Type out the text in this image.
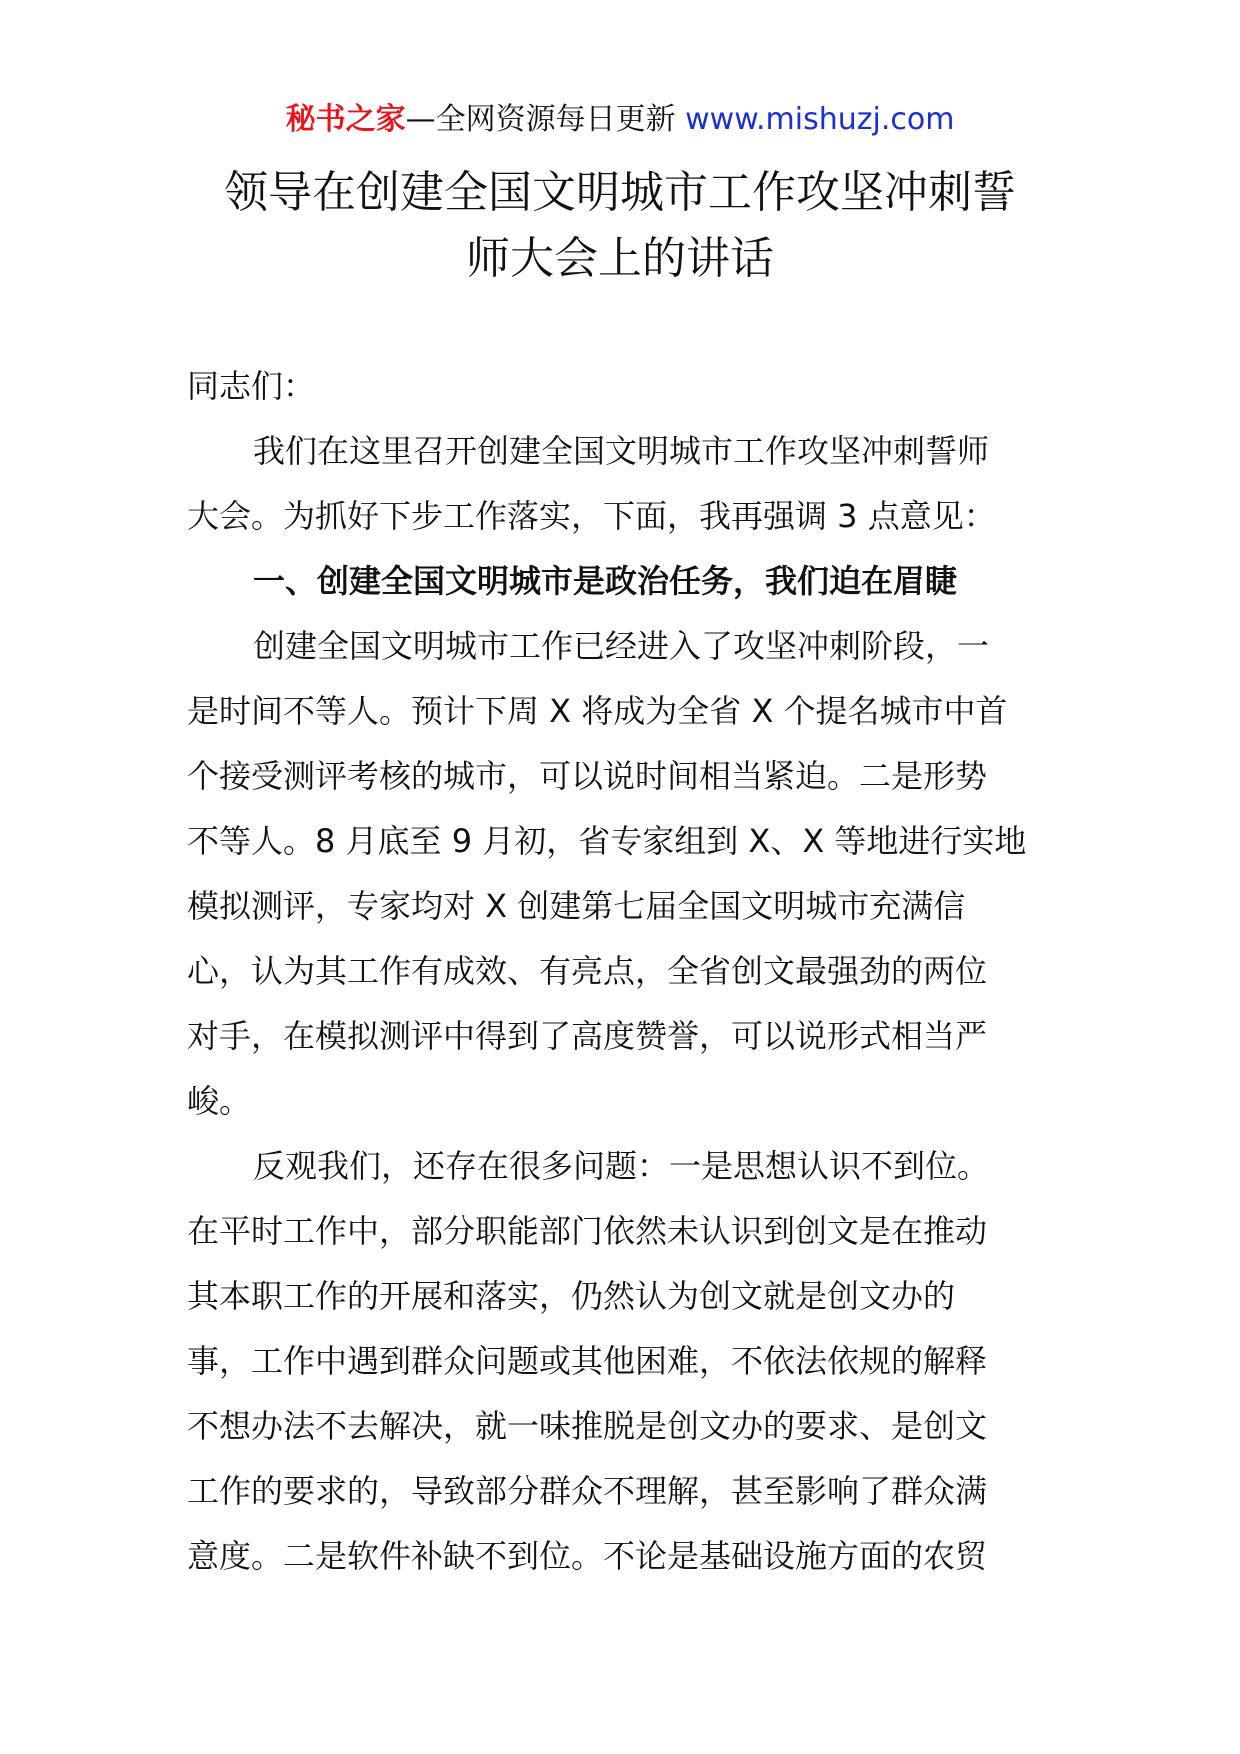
秘书之家—全网资源每日更新 www.mishuzj.com
领导在创建全国文明城市工作攻坚冲刺誓
师大会上的讲话
同志们：
我们在这里召开创建全国文明城市工作攻坚冲刺誓师
大会。为抓好下步工作落实，下面，我再强调 3 点意见：
一、创建全国文明城市是政治任务，我们迫在眉睫
创建全国文明城市工作已经进入了攻坚冲刺阶段，一
是时间不等人。预计下周 X 将成为全省 X 个提名城市中首
个接受测评考核的城市，可以说时间相当紧迫。二是形势
不等人。8 月底至 9 月初，省专家组到 X、X 等地进行实地
模拟测评，专家均对 X 创建第七届全国文明城市充满信
心，认为其工作有成效、有亮点，全省创文最强劲的两位
对手，在模拟测评中得到了高度赞誉，可以说形式相当严
峻。
反观我们，还存在很多问题：一是思想认识不到位。
在平时工作中，部分职能部门依然未认识到创文是在推动
其本职工作的开展和落实，仍然认为创文就是创文办的
事，工作中遇到群众问题或其他困难，不依法依规的解释
不想办法不去解决，就一味推脱是创文办的要求、是创文
工作的要求的，导致部分群众不理解，甚至影响了群众满
意度。二是软件补缺不到位。不论是基础设施方面的农贸
